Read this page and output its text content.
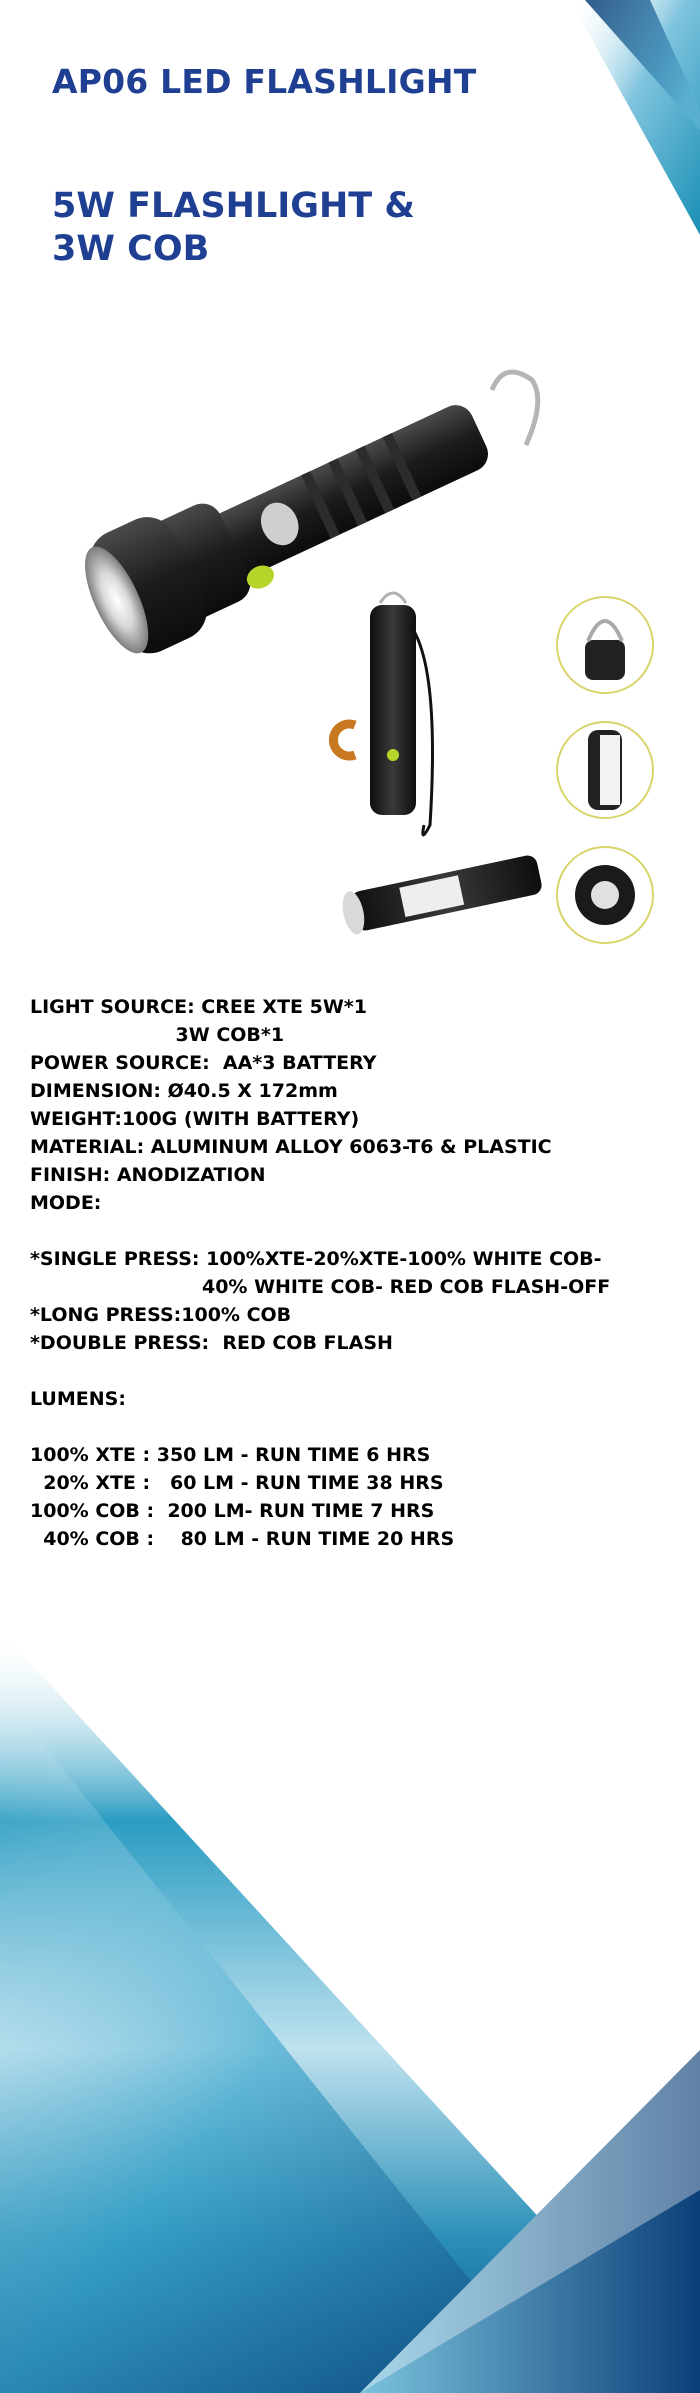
AP06 LED FLASHLIGHT
5W FLASHLIGHT &
3W COB
LIGHT SOURCE: CREE XTE 5W*1
3W COB*1
POWER SOURCE:  AA*3 BATTERY
DIMENSION: Ø40.5 X 172mm
WEIGHT:100G (WITH BATTERY)
MATERIAL: ALUMINUM ALLOY 6063-T6 & PLASTIC
FINISH: ANODIZATION
MODE:
*SINGLE PRESS: 100%XTE-20%XTE-100% WHITE COB-
40% WHITE COB- RED COB FLASH-OFF
*LONG PRESS:100% COB
*DOUBLE PRESS:  RED COB FLASH
LUMENS:
100% XTE : 350 LM - RUN TIME 6 HRS
20% XTE :   60 LM - RUN TIME 38 HRS
100% COB :  200 LM- RUN TIME 7 HRS
40% COB :    80 LM - RUN TIME 20 HRS
